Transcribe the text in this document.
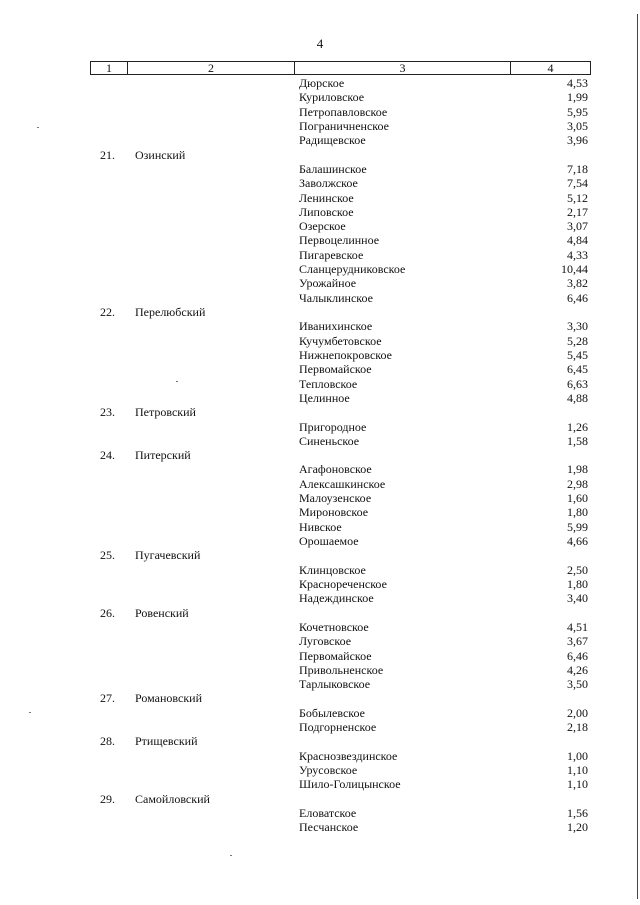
4
1	2	3	4
Дюрское	4,53
Куриловское	1,99
Петропавловское	5,95
Пограничненское	3,05
Радищевское	3,96
21. Озинский
Балашинское	7,18
Заволжское	7,54
Ленинское	5,12
Липовское	2,17
Озерское	3,07
Первоцелинное	4,84
Пигаревское	4,33
Сланцерудниковское	10,44
Урожайное	3,82
Чалыклинское	6,46
22. Перелюбский
Иванихинское	3,30
Кучумбетовское	5,28
Нижнепокровское	5,45
Первомайское	6,45
Тепловское	6,63
Целинное	4,88
23. Петровский
Пригородное	1,26
Синеньское	1,58
24. Питерский
Агафоновское	1,98
Алексашкинское	2,98
Малоузенское	1,60
Мироновское	1,80
Нивское	5,99
Орошаемое	4,66
25. Пугачевский
Клинцовское	2,50
Краснореченское	1,80
Надеждинское	3,40
26. Ровенский
Кочетновское	4,51
Луговское	3,67
Первомайское	6,46
Привольненское	4,26
Тарлыковское	3,50
27. Романовский
Бобылевское	2,00
Подгорненское	2,18
28. Ртищевский
Краснозвездинское	1,00
Урусовское	1,10
Шило-Голицынское	1,10
29. Самойловский
Еловатское	1,56
Песчанское	1,20
